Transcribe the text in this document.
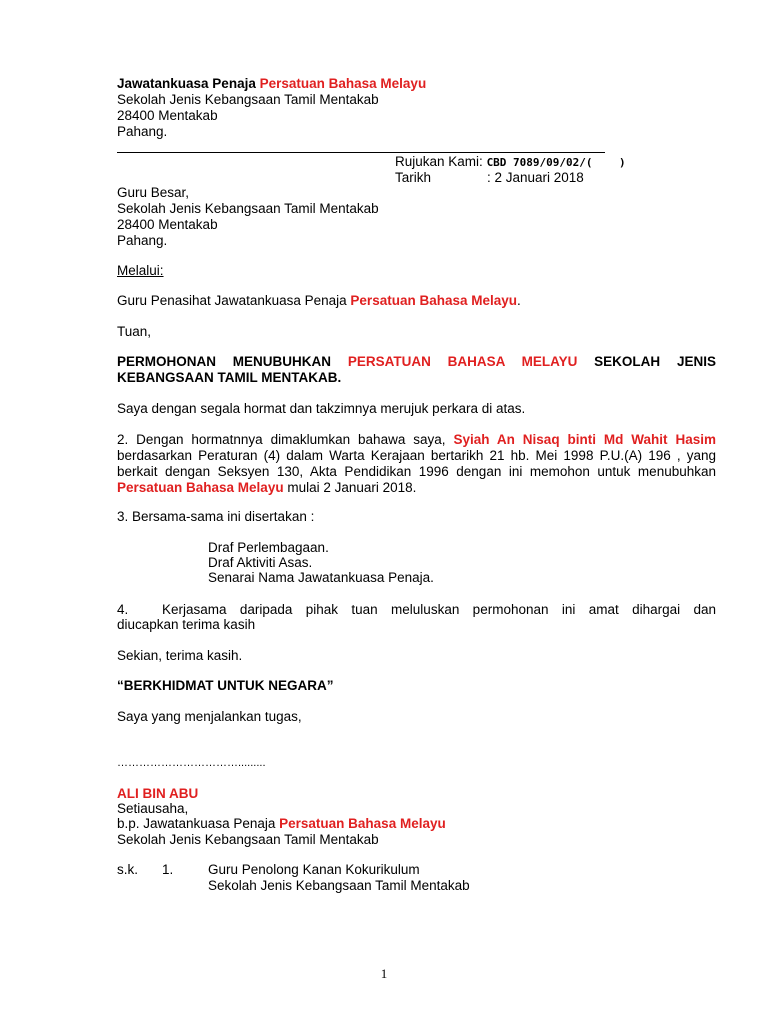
Jawatankuasa Penaja Persatuan Bahasa Melayu
Sekolah Jenis Kebangsaan Tamil Mentakab
28400 Mentakab
Pahang.
Rujukan Kami: CBD 7089/09/02/(    )
Tarikh	: 2 Januari 2018
Guru Besar,
Sekolah Jenis Kebangsaan Tamil Mentakab
28400 Mentakab
Pahang.
Melalui:
Guru Penasihat Jawatankuasa Penaja Persatuan Bahasa Melayu.
Tuan,
PERMOHONAN MENUBUHKAN PERSATUAN BAHASA MELAYU SEKOLAH JENIS
KEBANGSAAN TAMIL MENTAKAB.
Saya dengan segala hormat dan takzimnya merujuk perkara di atas.
2. Dengan hormatnnya dimaklumkan bahawa saya, Syiah An Nisaq binti Md Wahit Hasim
berdasarkan Peraturan (4) dalam Warta Kerajaan bertarikh 21 hb. Mei 1998 P.U.(A) 196 , yang
berkait dengan Seksyen 130, Akta Pendidikan 1996 dengan ini memohon untuk menubuhkan
Persatuan Bahasa Melayu mulai 2 Januari 2018.
3. Bersama-sama ini disertakan :
Draf Perlembagaan.
Draf Aktiviti Asas.
Senarai Nama Jawatankuasa Penaja.
4. Kerjasama daripada pihak tuan meluluskan permohonan ini amat dihargai dan
diucapkan terima kasih
Sekian, terima kasih.
“BERKHIDMAT UNTUK NEGARA”
Saya yang menjalankan tugas,
…………………………….........
ALI BIN ABU
Setiausaha,
b.p. Jawatankuasa Penaja Persatuan Bahasa Melayu
Sekolah Jenis Kebangsaan Tamil Mentakab
s.k. 1.	Guru Penolong Kanan Kokurikulum
Sekolah Jenis Kebangsaan Tamil Mentakab
1
